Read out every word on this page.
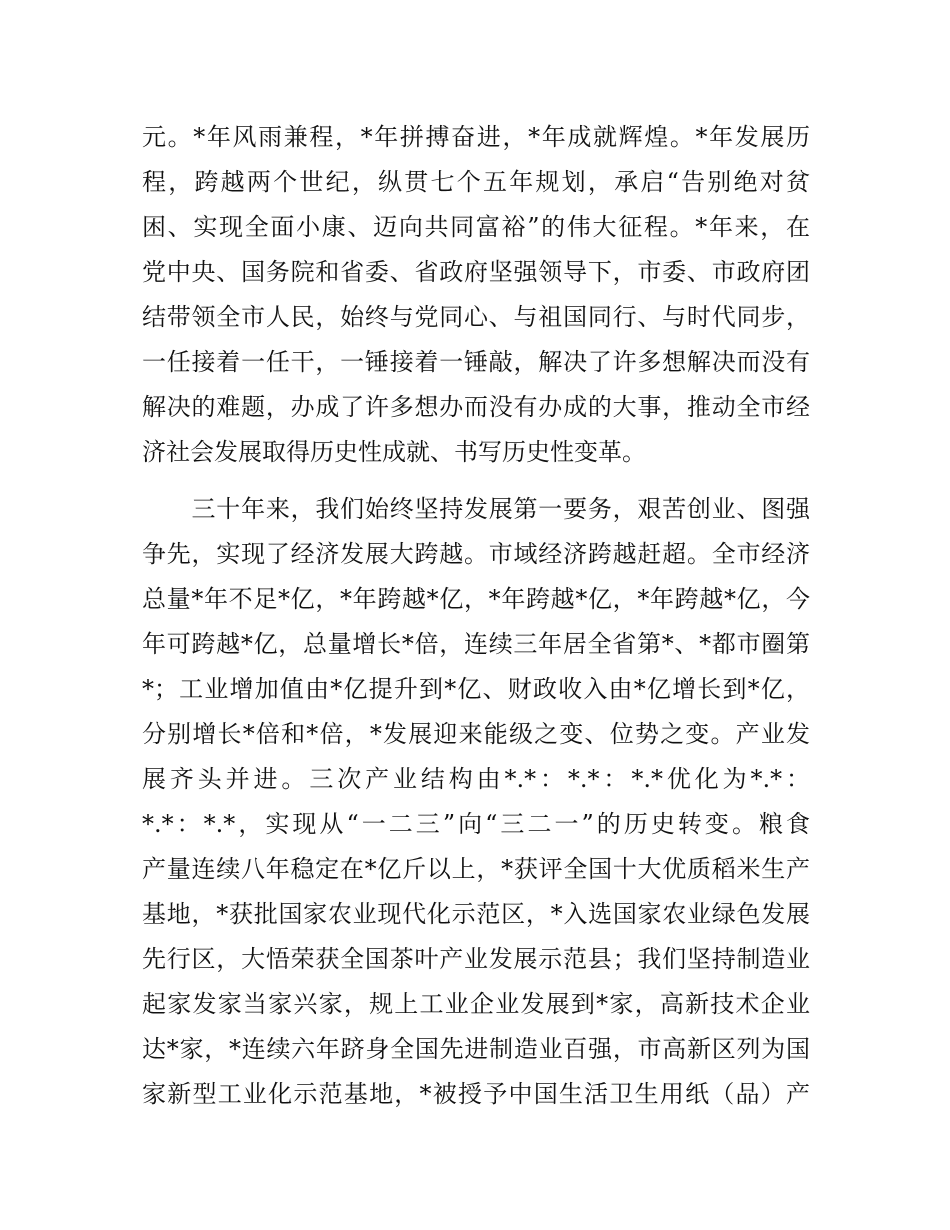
元。*年风雨兼程，*年拼搏奋进，*年成就辉煌。*年发展历
程，跨越两个世纪，纵贯七个五年规划，承启“告别绝对贫
困、实现全面小康、迈向共同富裕”的伟大征程。*年来，在
党中央、国务院和省委、省政府坚强领导下，市委、市政府团
结带领全市人民，始终与党同心、与祖国同行、与时代同步，
一任接着一任干，一锤接着一锤敲，解决了许多想解决而没有
解决的难题，办成了许多想办而没有办成的大事，推动全市经
济社会发展取得历史性成就、书写历史性变革。
　　三十年来，我们始终坚持发展第一要务，艰苦创业、图强
争先，实现了经济发展大跨越。市域经济跨越赶超。全市经济
总量*年不足*亿，*年跨越*亿，*年跨越*亿，*年跨越*亿，今
年可跨越*亿，总量增长*倍，连续三年居全省第*、*都市圈第
*；工业增加值由*亿提升到*亿、财政收入由*亿增长到*亿，
分别增长*倍和*倍，*发展迎来能级之变、位势之变。产业发
展齐头并进。三次产业结构由*.*：*.*：*.*优化为*.*：
*.*：*.*，实现从“一二三”向“三二一”的历史转变。粮食
产量连续八年稳定在*亿斤以上，*获评全国十大优质稻米生产
基地，*获批国家农业现代化示范区，*入选国家农业绿色发展
先行区，大悟荣获全国茶叶产业发展示范县；我们坚持制造业
起家发家当家兴家，规上工业企业发展到*家，高新技术企业
达*家，*连续六年跻身全国先进制造业百强，市高新区列为国
家新型工业化示范基地，*被授予中国生活卫生用纸（品）产
